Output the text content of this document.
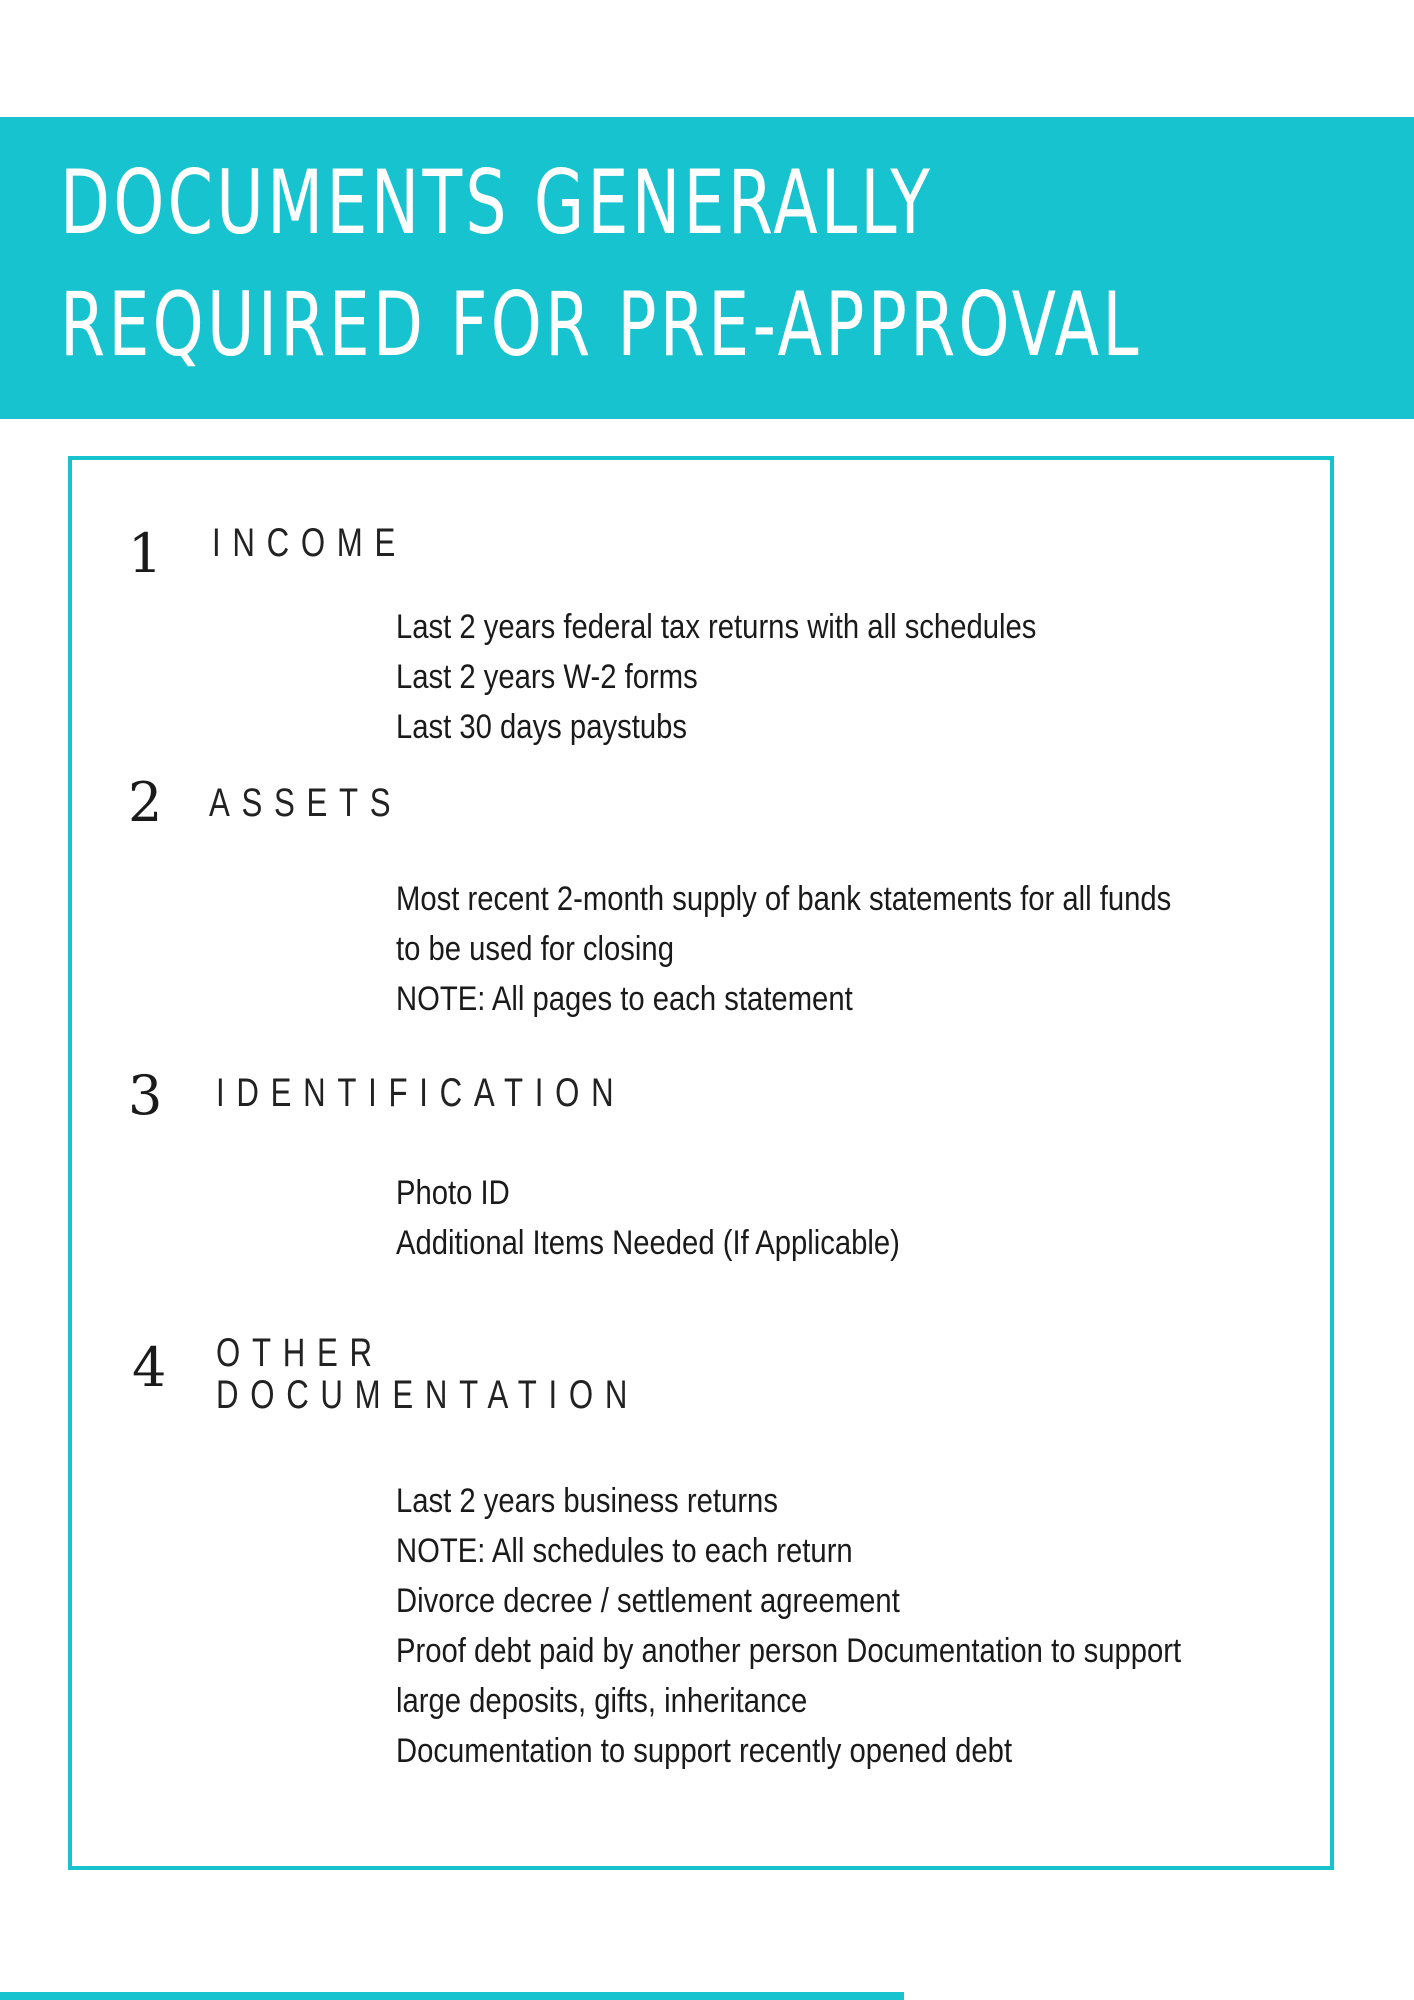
DOCUMENTS GENERALLY
REQUIRED FOR PRE-APPROVAL
1 INCOME
Last 2 years federal tax returns with all schedules
Last 2 years W-2 forms
Last 30 days paystubs
2 ASSETS
Most recent 2-month supply of bank statements for all funds
to be used for closing
NOTE: All pages to each statement
3 IDENTIFICATION
Photo ID
Additional Items Needed (If Applicable)
4 OTHER
DOCUMENTATION
Last 2 years business returns
NOTE: All schedules to each return
Divorce decree / settlement agreement
Proof debt paid by another person Documentation to support
large deposits, gifts, inheritance
Documentation to support recently opened debt
